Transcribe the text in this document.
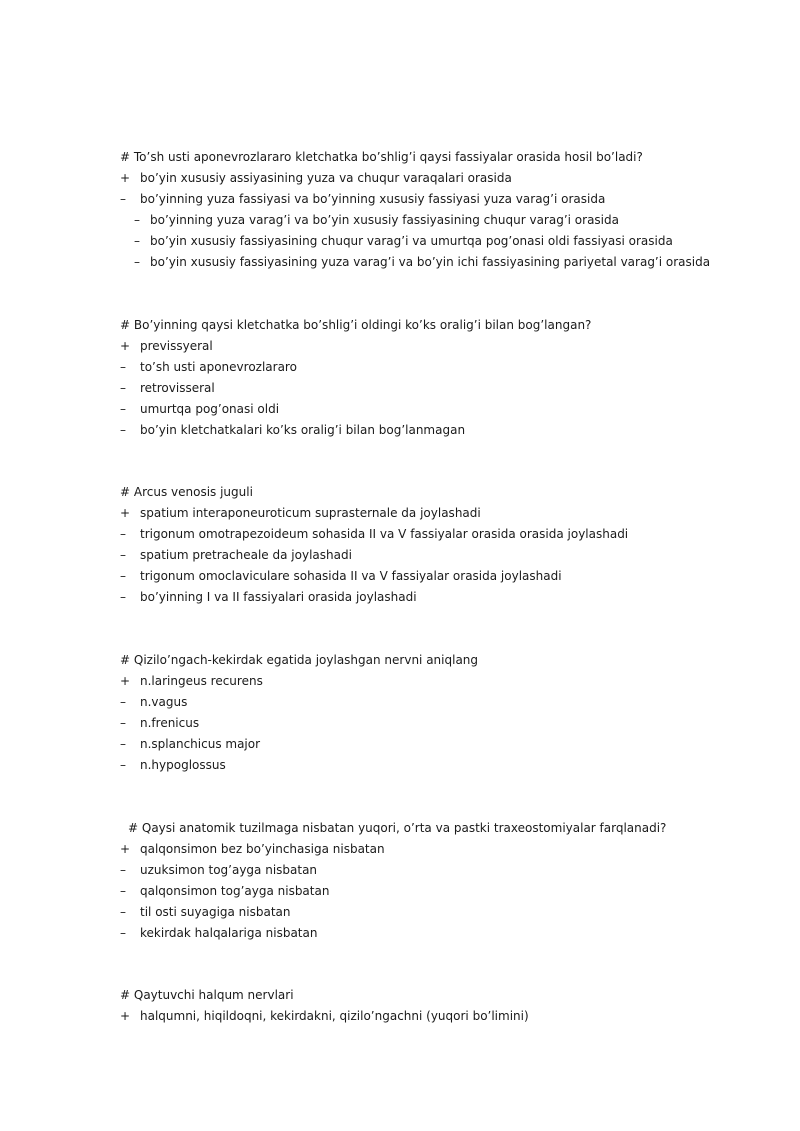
# To’sh usti aponevrozlararo kletchatka bo’shlig’i qaysi fassiyalar orasida hosil bo’ladi?
+ bo’yin xususiy assiyasining yuza va chuqur varaqalari orasida
– bo’yinning yuza fassiyasi va bo’yinning xususiy fassiyasi yuza varag’i orasida
– bo’yinning yuza varag’i va bo’yin xususiy fassiyasining chuqur varag’i orasida
– bo’yin xususiy fassiyasining chuqur varag’i va umurtqa pog’onasi oldi fassiyasi orasida
– bo’yin xususiy fassiyasining yuza varag’i va bo’yin ichi fassiyasining pariyetal varag’i orasida
# Bo’yinning qaysi kletchatka bo’shlig’i oldingi ko’ks oralig’i bilan bog’langan?
+ previssyeral
– to’sh usti aponevrozlararo
– retrovisseral
– umurtqa pog’onasi oldi
– bo’yin kletchatkalari ko’ks oralig’i bilan bog’lanmagan
# Arcus venosis juguli
+ spatium interaponeuroticum suprasternale da joylashadi
– trigonum omotrapezoideum sohasida II va V fassiyalar orasida orasida joylashadi
– spatium pretracheale da joylashadi
– trigonum omoclaviculare sohasida II va V fassiyalar orasida joylashadi
– bo’yinning I va II fassiyalari orasida joylashadi
# Qizilo’ngach-kekirdak egatida joylashgan nervni aniqlang
+ n.laringeus recurens
– n.vagus
– n.frenicus
– n.splanchicus major
– n.hypoglossus
# Qaysi anatomik tuzilmaga nisbatan yuqori, o’rta va pastki traxeostomiyalar farqlanadi?
+ qalqonsimon bez bo’yinchasiga nisbatan
– uzuksimon tog’ayga nisbatan
– qalqonsimon tog’ayga nisbatan
– til osti suyagiga nisbatan
– kekirdak halqalariga nisbatan
# Qaytuvchi halqum nervlari
+ halqumni, hiqildoqni, kekirdakni, qizilo’ngachni (yuqori bo’limini)
